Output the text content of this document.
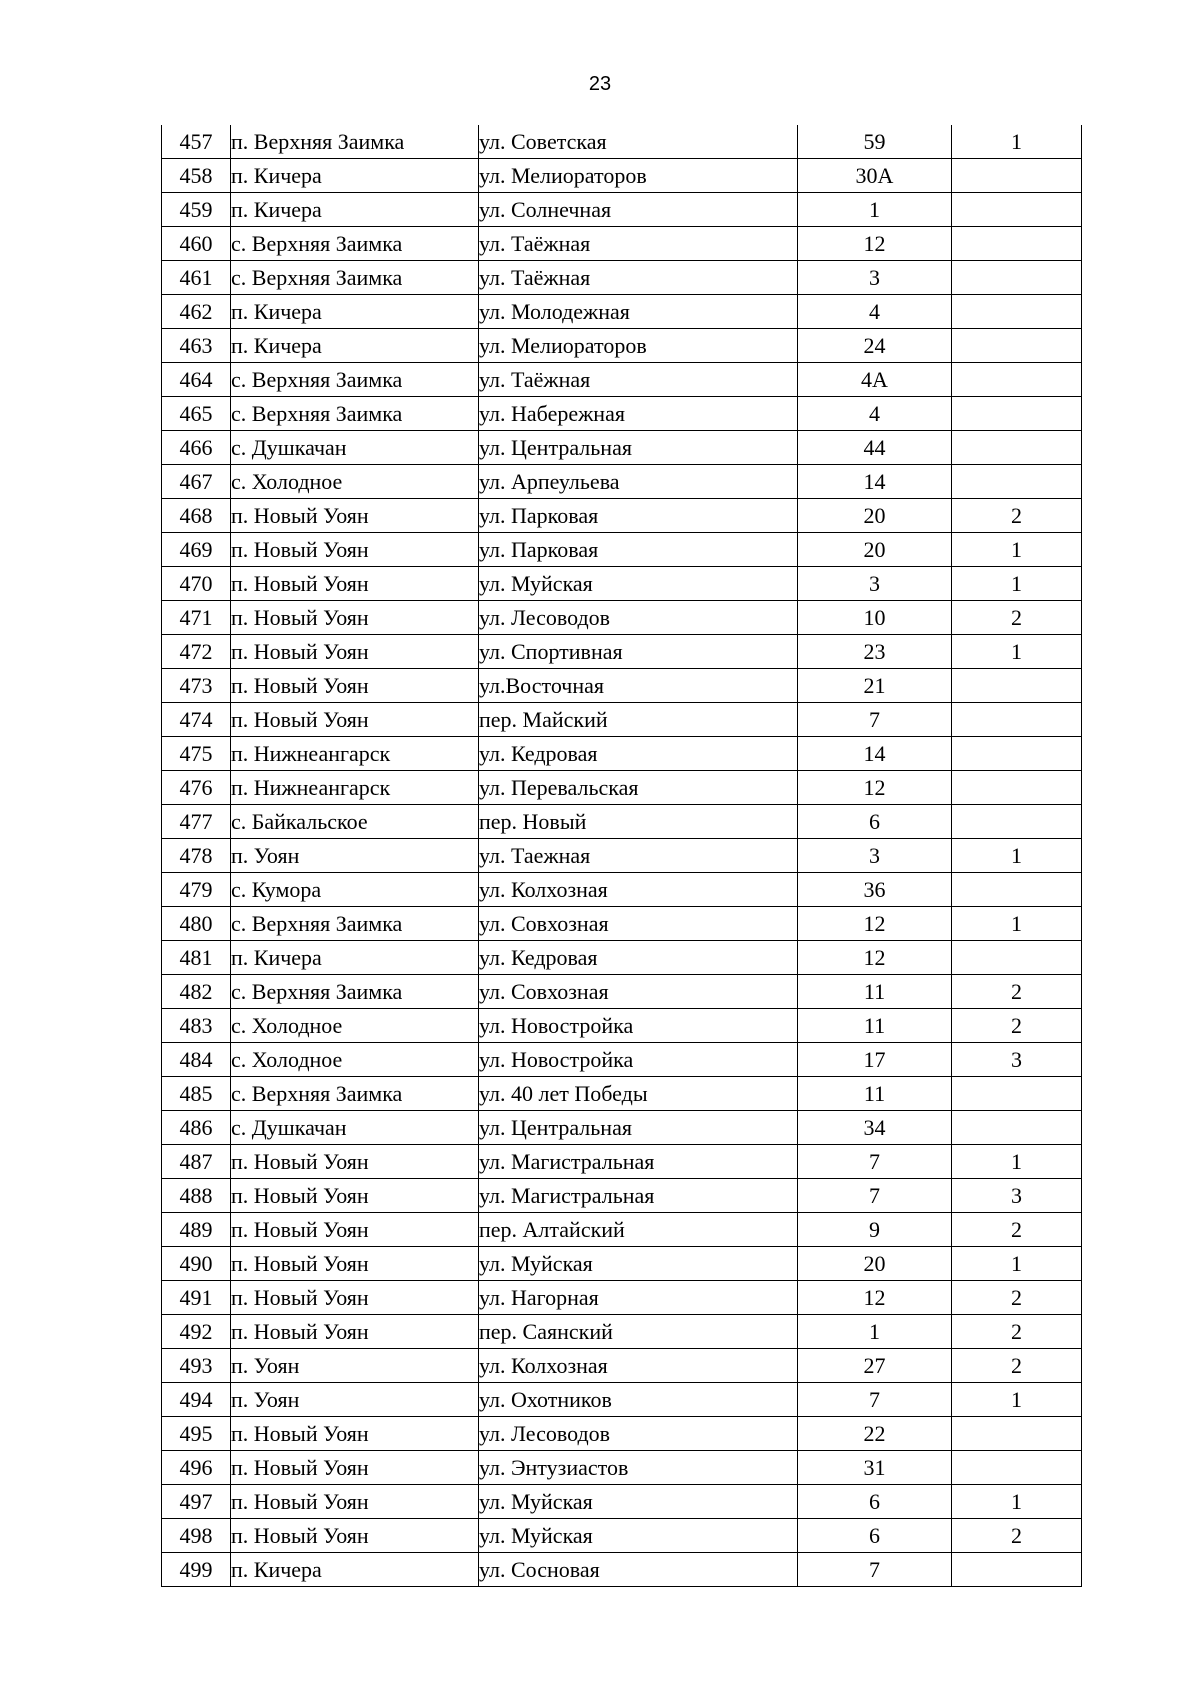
23
457	п. Верхняя Заимка	ул. Советская	59	1
458	п. Кичера	ул. Мелиораторов	30А	
459	п. Кичера	ул. Солнечная	1	
460	с. Верхняя Заимка	ул. Таёжная	12	
461	с. Верхняя Заимка	ул. Таёжная	3	
462	п. Кичера	ул. Молодежная	4	
463	п. Кичера	ул. Мелиораторов	24	
464	с. Верхняя Заимка	ул. Таёжная	4А	
465	с. Верхняя Заимка	ул. Набережная	4	
466	с. Душкачан	ул. Центральная	44	
467	с. Холодное	ул. Арпеульева	14	
468	п. Новый Уоян	ул. Парковая	20	2
469	п. Новый Уоян	ул. Парковая	20	1
470	п. Новый Уоян	ул. Муйская	3	1
471	п. Новый Уоян	ул. Лесоводов	10	2
472	п. Новый Уоян	ул. Спортивная	23	1
473	п. Новый Уоян	ул.Восточная	21	
474	п. Новый Уоян	пер. Майский	7	
475	п. Нижнеангарск	ул. Кедровая	14	
476	п. Нижнеангарск	ул. Перевальская	12	
477	с. Байкальское	пер. Новый	6	
478	п. Уоян	ул. Таежная	3	1
479	с. Кумора	ул. Колхозная	36	
480	с. Верхняя Заимка	ул. Совхозная	12	1
481	п. Кичера	ул. Кедровая	12	
482	с. Верхняя Заимка	ул. Совхозная	11	2
483	с. Холодное	ул. Новостройка	11	2
484	с. Холодное	ул. Новостройка	17	3
485	с. Верхняя Заимка	ул. 40 лет Победы	11	
486	с. Душкачан	ул. Центральная	34	
487	п. Новый Уоян	ул. Магистральная	7	1
488	п. Новый Уоян	ул. Магистральная	7	3
489	п. Новый Уоян	пер. Алтайский	9	2
490	п. Новый Уоян	ул. Муйская	20	1
491	п. Новый Уоян	ул. Нагорная	12	2
492	п. Новый Уоян	пер. Саянский	1	2
493	п. Уоян	ул. Колхозная	27	2
494	п. Уоян	ул. Охотников	7	1
495	п. Новый Уоян	ул. Лесоводов	22	
496	п. Новый Уоян	ул. Энтузиастов	31	
497	п. Новый Уоян	ул. Муйская	6	1
498	п. Новый Уоян	ул. Муйская	6	2
499	п. Кичера	ул. Сосновая	7	
